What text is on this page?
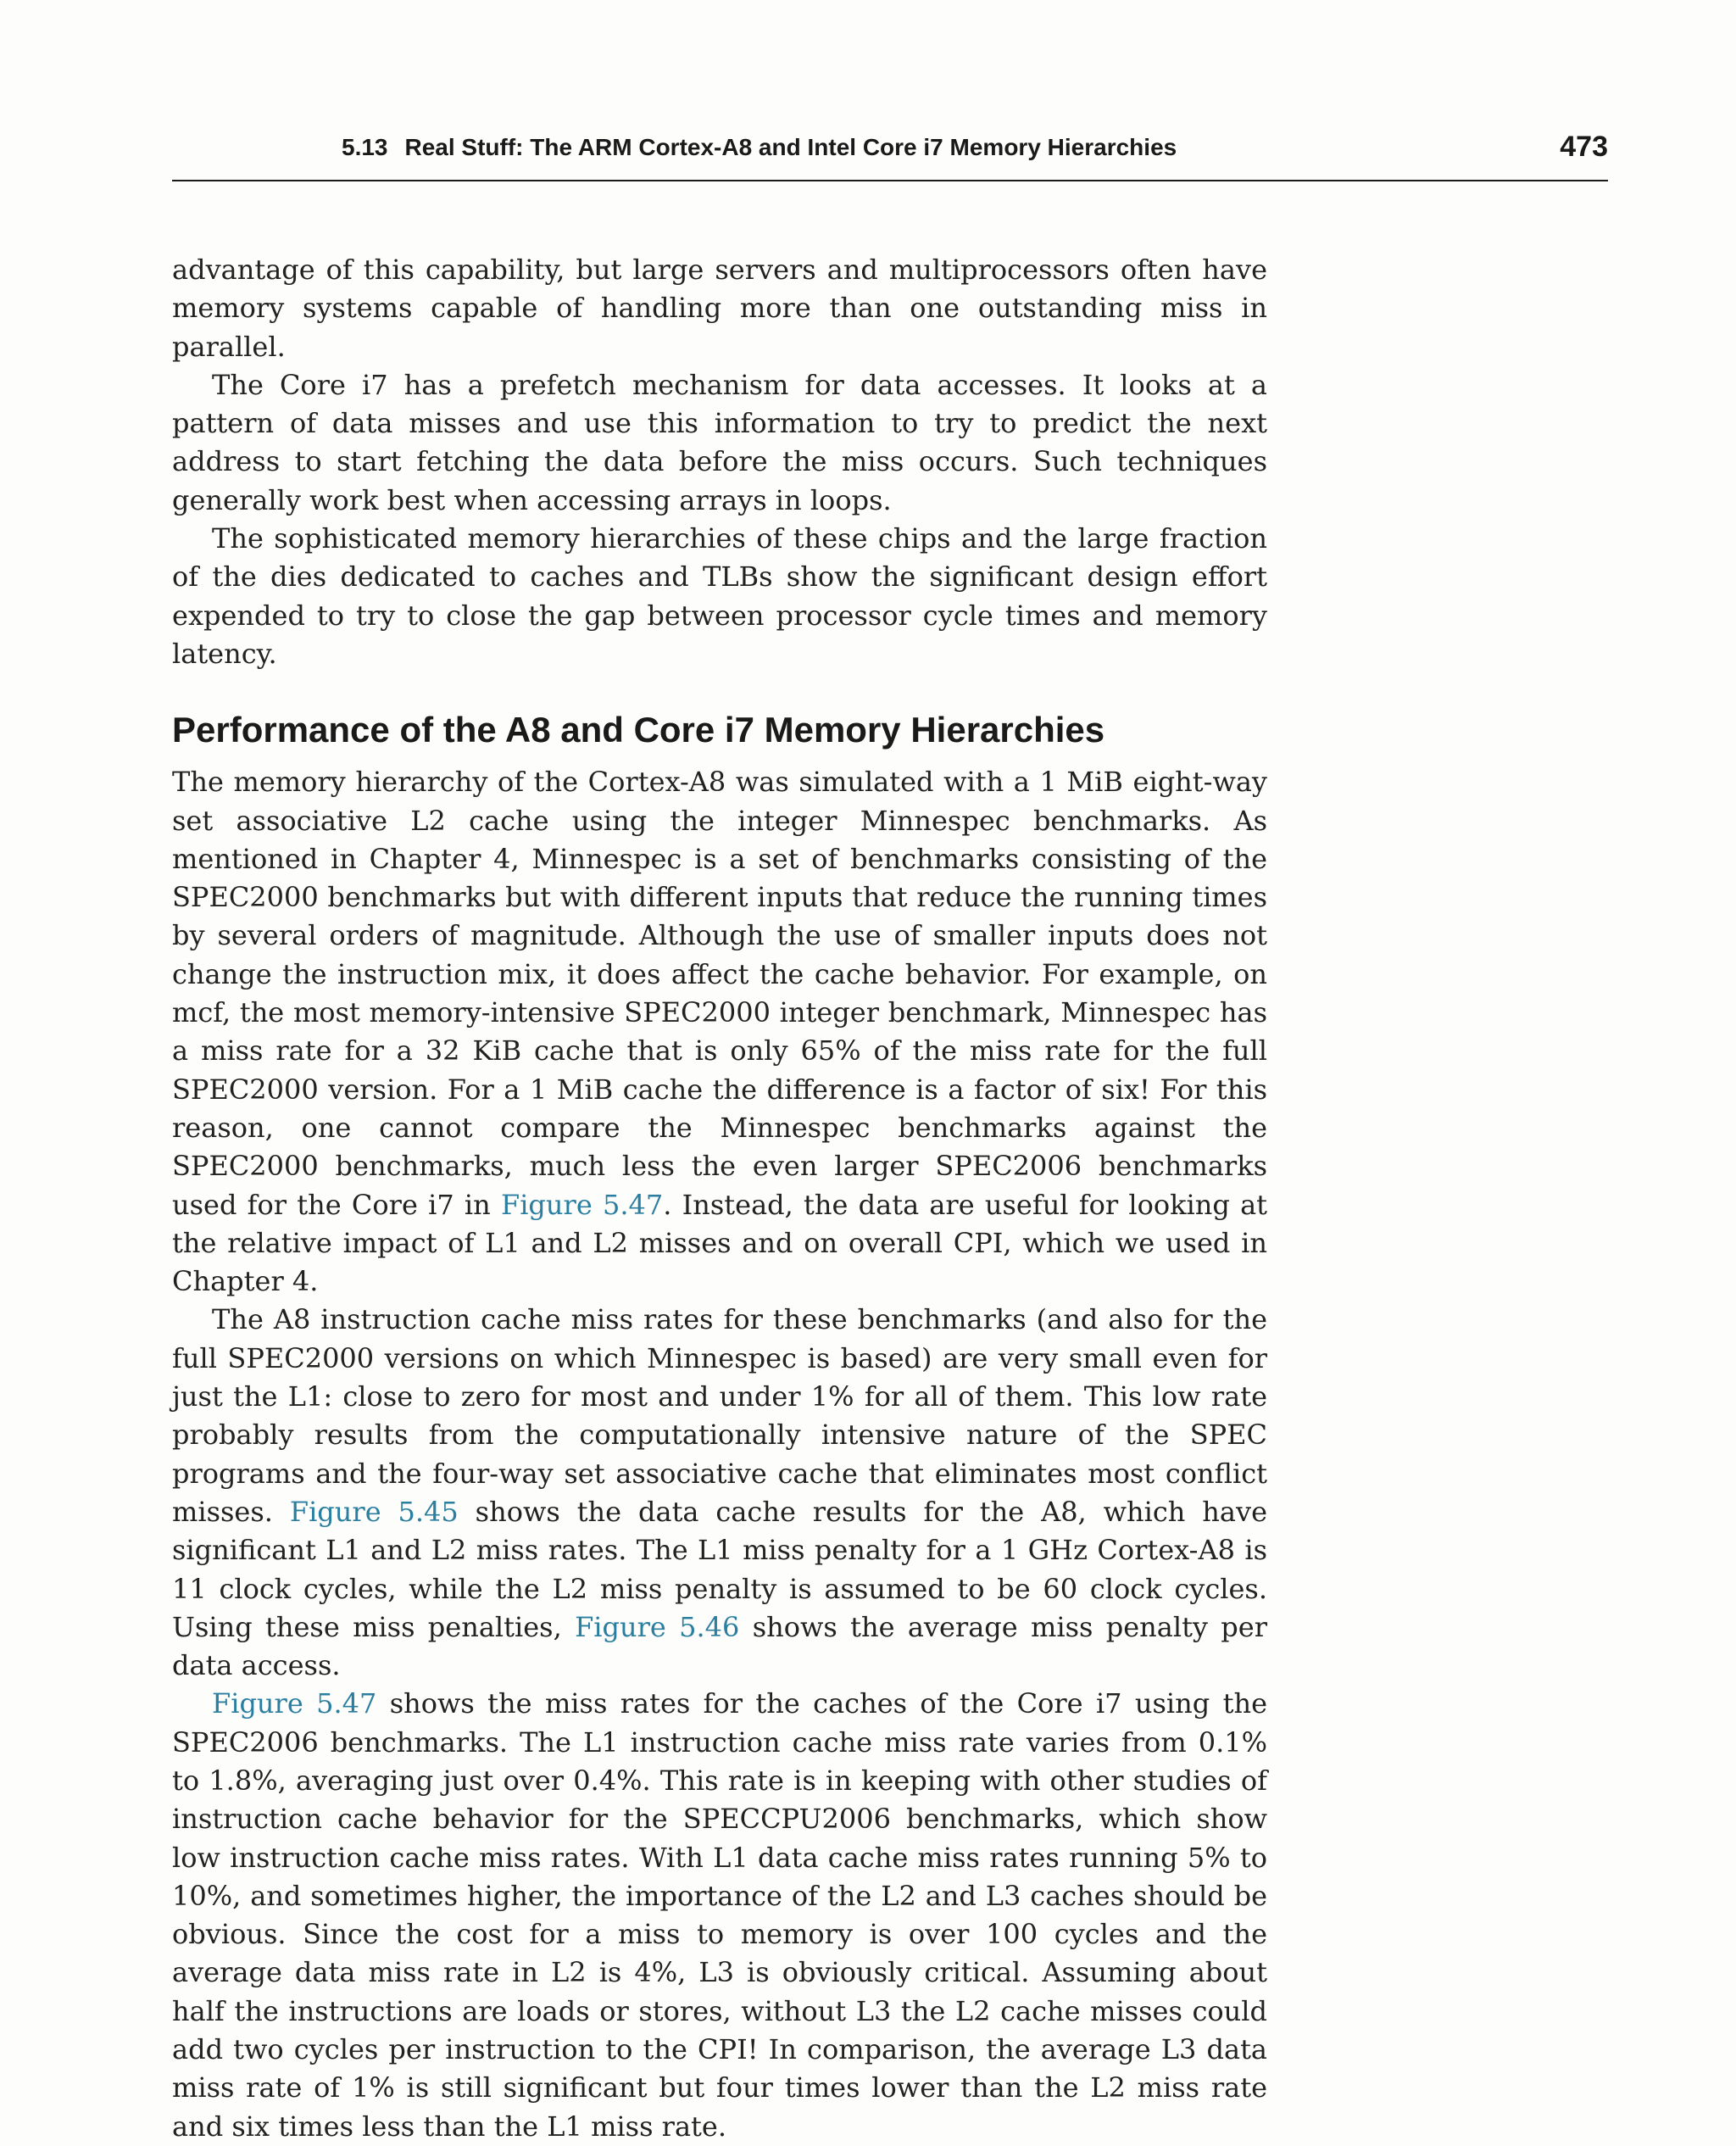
5.13 Real Stuff: The ARM Cortex-A8 and Intel Core i7 Memory Hierarchies	473

advantage of this capability, but large servers and multiprocessors often have memory systems capable of handling more than one outstanding miss in parallel.

The Core i7 has a prefetch mechanism for data accesses. It looks at a pattern of data misses and use this information to try to predict the next address to start fetching the data before the miss occurs. Such techniques generally work best when accessing arrays in loops.

The sophisticated memory hierarchies of these chips and the large fraction of the dies dedicated to caches and TLBs show the significant design effort expended to try to close the gap between processor cycle times and memory latency.

Performance of the A8 and Core i7 Memory Hierarchies

The memory hierarchy of the Cortex-A8 was simulated with a 1 MiB eight-way set associative L2 cache using the integer Minnespec benchmarks. As mentioned in Chapter 4, Minnespec is a set of benchmarks consisting of the SPEC2000 benchmarks but with different inputs that reduce the running times by several orders of magnitude. Although the use of smaller inputs does not change the instruction mix, it does affect the cache behavior. For example, on mcf, the most memory-intensive SPEC2000 integer benchmark, Minnespec has a miss rate for a 32 KiB cache that is only 65% of the miss rate for the full SPEC2000 version. For a 1 MiB cache the difference is a factor of six! For this reason, one cannot compare the Minnespec benchmarks against the SPEC2000 benchmarks, much less the even larger SPEC2006 benchmarks used for the Core i7 in Figure 5.47. Instead, the data are useful for looking at the relative impact of L1 and L2 misses and on overall CPI, which we used in Chapter 4.

The A8 instruction cache miss rates for these benchmarks (and also for the full SPEC2000 versions on which Minnespec is based) are very small even for just the L1: close to zero for most and under 1% for all of them. This low rate probably results from the computationally intensive nature of the SPEC programs and the four-way set associative cache that eliminates most conflict misses. Figure 5.45 shows the data cache results for the A8, which have significant L1 and L2 miss rates. The L1 miss penalty for a 1 GHz Cortex-A8 is 11 clock cycles, while the L2 miss penalty is assumed to be 60 clock cycles. Using these miss penalties, Figure 5.46 shows the average miss penalty per data access.

Figure 5.47 shows the miss rates for the caches of the Core i7 using the SPEC2006 benchmarks. The L1 instruction cache miss rate varies from 0.1% to 1.8%, averaging just over 0.4%. This rate is in keeping with other studies of instruction cache behavior for the SPECCPU2006 benchmarks, which show low instruction cache miss rates. With L1 data cache miss rates running 5% to 10%, and sometimes higher, the importance of the L2 and L3 caches should be obvious. Since the cost for a miss to memory is over 100 cycles and the average data miss rate in L2 is 4%, L3 is obviously critical. Assuming about half the instructions are loads or stores, without L3 the L2 cache misses could add two cycles per instruction to the CPI! In comparison, the average L3 data miss rate of 1% is still significant but four times lower than the L2 miss rate and six times less than the L1 miss rate.
